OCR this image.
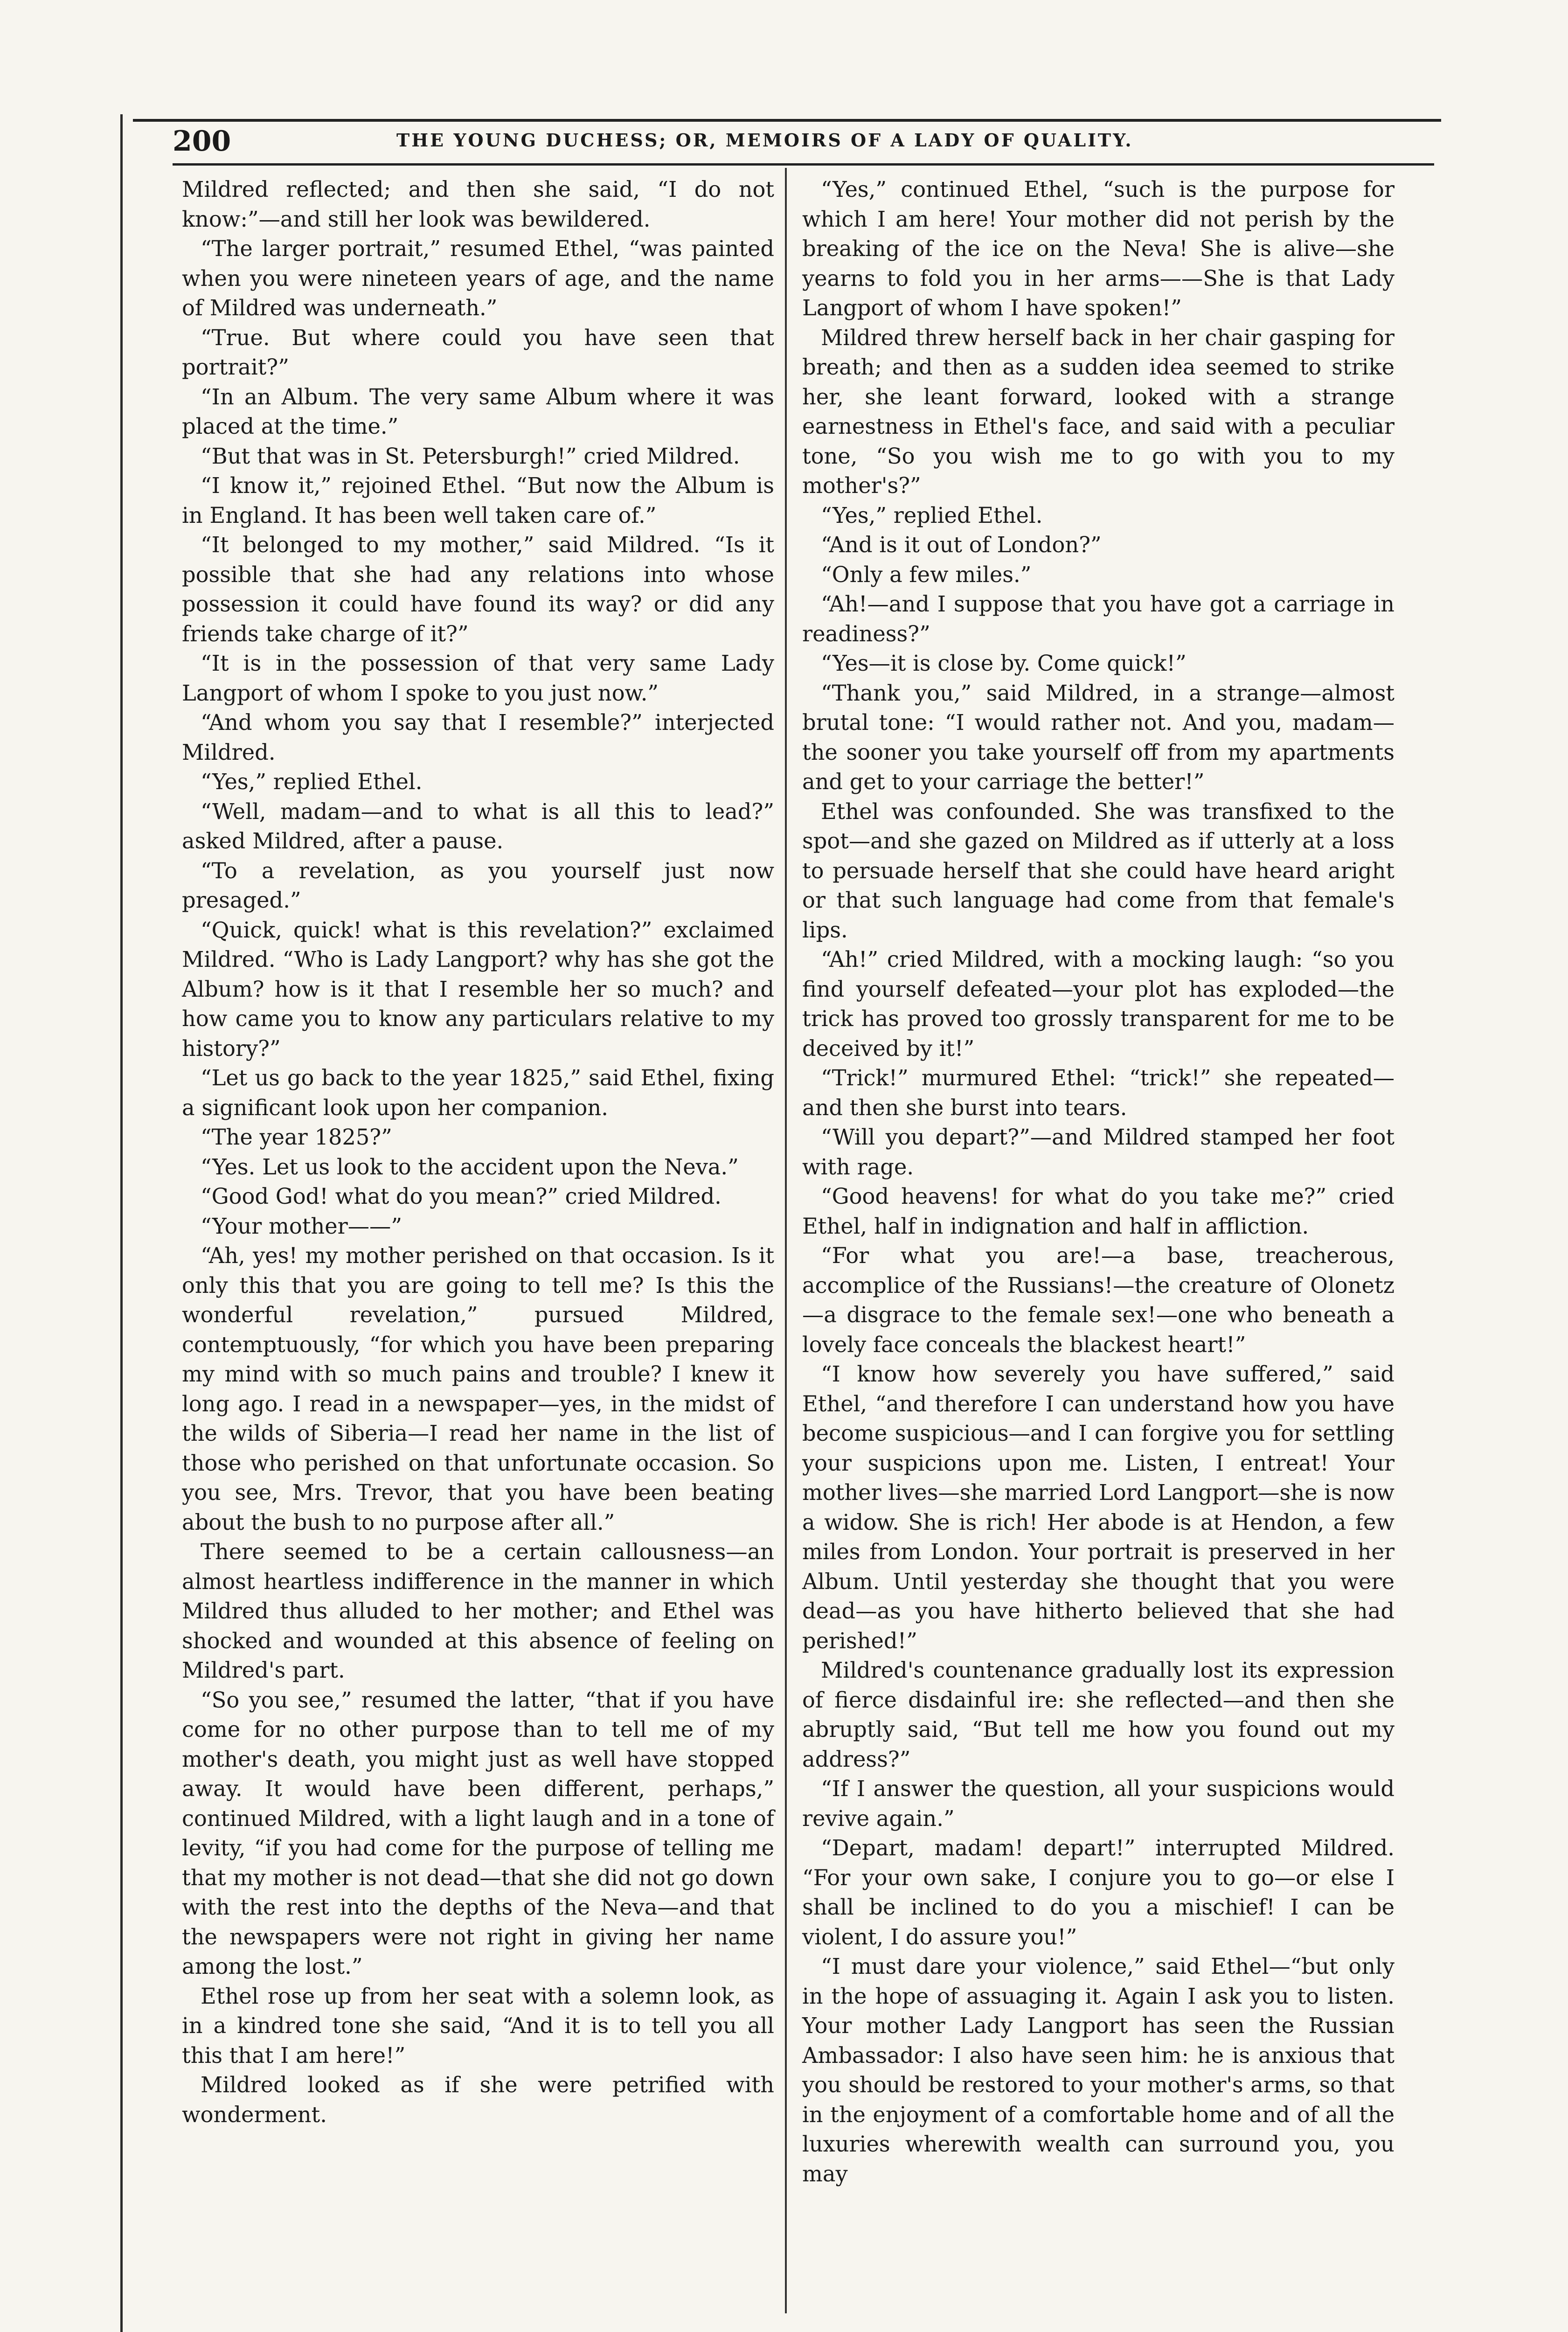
200	THE YOUNG DUCHESS; OR, MEMOIRS OF A LADY OF QUALITY.

Mildred reflected; and then she said, “I do not know:”—and still her look was bewildered.

“The larger portrait,” resumed Ethel, “was painted when you were nineteen years of age, and the name of Mildred was underneath.”

“True. But where could you have seen that portrait?”

“In an Album. The very same Album where it was placed at the time.”

“But that was in St. Petersburgh!” cried Mildred.

“I know it,” rejoined Ethel. “But now the Album is in England. It has been well taken care of.”

“It belonged to my mother,” said Mildred. “Is it possible that she had any relations into whose possession it could have found its way? or did any friends take charge of it?”

“It is in the possession of that very same Lady Langport of whom I spoke to you just now.”

“And whom you say that I resemble?” interjected Mildred.

“Yes,” replied Ethel.

“Well, madam—and to what is all this to lead?” asked Mildred, after a pause.

“To a revelation, as you yourself just now presaged.”

“Quick, quick! what is this revelation?” exclaimed Mildred. “Who is Lady Langport? why has she got the Album? how is it that I resemble her so much? and how came you to know any particulars relative to my history?”

“Let us go back to the year 1825,” said Ethel, fixing a significant look upon her companion.

“The year 1825?”

“Yes. Let us look to the accident upon the Neva.”

“Good God! what do you mean?” cried Mildred.

“Your mother——”

“Ah, yes! my mother perished on that occasion. Is it only this that you are going to tell me? Is this the wonderful revelation,” pursued Mildred, contemptuously, “for which you have been preparing my mind with so much pains and trouble? I knew it long ago. I read in a newspaper—yes, in the midst of the wilds of Siberia—I read her name in the list of those who perished on that unfortunate occasion. So you see, Mrs. Trevor, that you have been beating about the bush to no purpose after all.”

There seemed to be a certain callousness—an almost heartless indifference in the manner in which Mildred thus alluded to her mother; and Ethel was shocked and wounded at this absence of feeling on Mildred's part.

“So you see,” resumed the latter, “that if you have come for no other purpose than to tell me of my mother's death, you might just as well have stopped away. It would have been different, perhaps,” continued Mildred, with a light laugh and in a tone of levity, “if you had come for the purpose of telling me that my mother is not dead—that she did not go down with the rest into the depths of the Neva—and that the newspapers were not right in giving her name among the lost.”

Ethel rose up from her seat with a solemn look, as in a kindred tone she said, “And it is to tell you all this that I am here!”

Mildred looked as if she were petrified with wonderment.

“Yes,” continued Ethel, “such is the purpose for which I am here! Your mother did not perish by the breaking of the ice on the Neva! She is alive—she yearns to fold you in her arms——She is that Lady Langport of whom I have spoken!”

Mildred threw herself back in her chair gasping for breath; and then as a sudden idea seemed to strike her, she leant forward, looked with a strange earnestness in Ethel's face, and said with a peculiar tone, “So you wish me to go with you to my mother's?”

“Yes,” replied Ethel.

“And is it out of London?”

“Only a few miles.”

“Ah!—and I suppose that you have got a carriage in readiness?”

“Yes—it is close by. Come quick!”

“Thank you,” said Mildred, in a strange—almost brutal tone: “I would rather not. And you, madam—the sooner you take yourself off from my apartments and get to your carriage the better!”

Ethel was confounded. She was transfixed to the spot—and she gazed on Mildred as if utterly at a loss to persuade herself that she could have heard aright or that such language had come from that female's lips.

“Ah!” cried Mildred, with a mocking laugh: “so you find yourself defeated—your plot has exploded—the trick has proved too grossly transparent for me to be deceived by it!”

“Trick!” murmured Ethel: “trick!” she repeated—and then she burst into tears.

“Will you depart?”—and Mildred stamped her foot with rage.

“Good heavens! for what do you take me?” cried Ethel, half in indignation and half in affliction.

“For what you are!—a base, treacherous, accomplice of the Russians!—the creature of Olonetz—a disgrace to the female sex!—one who beneath a lovely face conceals the blackest heart!”

“I know how severely you have suffered,” said Ethel, “and therefore I can understand how you have become suspicious—and I can forgive you for settling your suspicions upon me. Listen, I entreat! Your mother lives—she married Lord Langport—she is now a widow. She is rich! Her abode is at Hendon, a few miles from London. Your portrait is preserved in her Album. Until yesterday she thought that you were dead—as you have hitherto believed that she had perished!”

Mildred's countenance gradually lost its expression of fierce disdainful ire: she reflected—and then she abruptly said, “But tell me how you found out my address?”

“If I answer the question, all your suspicions would revive again.”

“Depart, madam! depart!” interrupted Mildred. “For your own sake, I conjure you to go—or else I shall be inclined to do you a mischief! I can be violent, I do assure you!”

“I must dare your violence,” said Ethel—“but only in the hope of assuaging it. Again I ask you to listen. Your mother Lady Langport has seen the Russian Ambassador: I also have seen him: he is anxious that you should be restored to your mother's arms, so that in the enjoyment of a comfortable home and of all the luxuries wherewith wealth can surround you, you may
